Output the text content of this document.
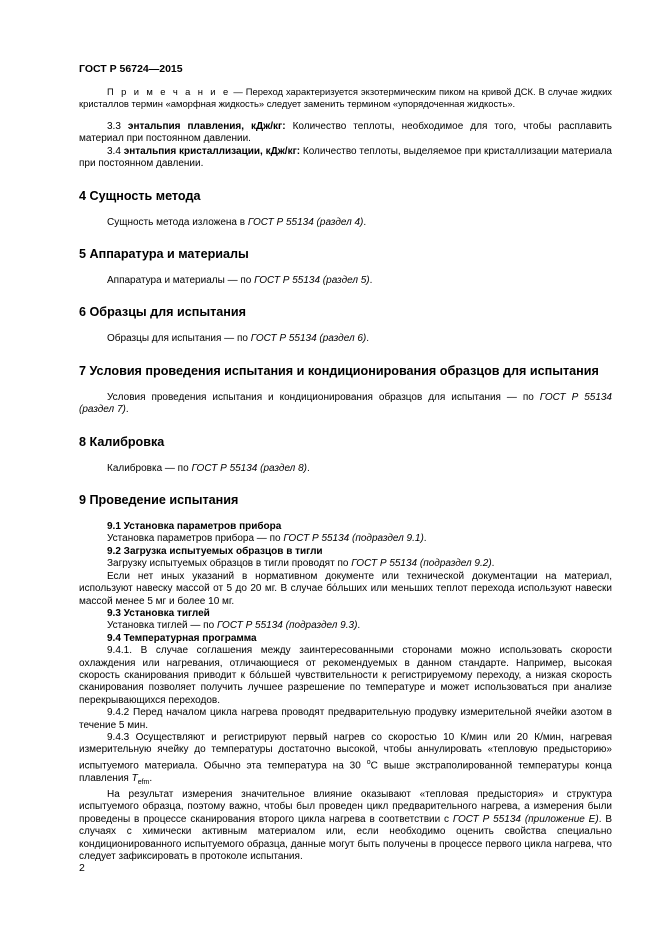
ГОСТ Р 56724—2015

П р и м е ч а н и е — Переход характеризуется экзотермическим пиком на кривой ДСК. В случае жидких кристаллов термин «аморфная жидкость» следует заменить термином «упорядоченная жидкость».

3.3 энтальпия плавления, кДж/кг: Количество теплоты, необходимое для того, чтобы расплавить материал при постоянном давлении.

3.4 энтальпия кристаллизации, кДж/кг: Количество теплоты, выделяемое при кристаллизации материала при постоянном давлении.

4 Сущность метода

Сущность метода изложена в ГОСТ Р 55134 (раздел 4).

5 Аппаратура и материалы

Аппаратура и материалы — по ГОСТ Р 55134 (раздел 5).

6 Образцы для испытания

Образцы для испытания — по ГОСТ Р 55134 (раздел 6).

7 Условия проведения испытания и кондиционирования образцов для испытания

Условия проведения испытания и кондиционирования образцов для испытания — по ГОСТ Р 55134 (раздел 7).

8 Калибровка

Калибровка — по ГОСТ Р 55134 (раздел 8).

9 Проведение испытания

9.1 Установка параметров прибора

Установка параметров прибора — по ГОСТ Р 55134 (подраздел 9.1).

9.2 Загрузка испытуемых образцов в тигли

Загрузку испытуемых образцов в тигли проводят по ГОСТ Р 55134 (подраздел 9.2).

Если нет иных указаний в нормативном документе или технической документации на материал, используют навеску массой от 5 до 20 мг. В случае бόльших или меньших теплот перехода используют навески массой менее 5 мг и более 10 мг.

9.3 Установка тиглей

Установка тиглей — по ГОСТ Р 55134 (подраздел 9.3).

9.4 Температурная программа

9.4.1. В случае соглашения между заинтересованными сторонами можно использовать скорости охлаждения или нагревания, отличающиеся от рекомендуемых в данном стандарте. Например, высокая скорость сканирования приводит к бóльшей чувствительности к регистрируемому переходу, а низкая скорость сканирования позволяет получить лучшее разрешение по температуре и может использоваться при анализе перекрывающихся переходов.

9.4.2 Перед началом цикла нагрева проводят предварительную продувку измерительной ячейки азотом в течение 5 мин.

9.4.3 Осуществляют и регистрируют первый нагрев со скоростью 10 К/мин или 20 К/мин, нагревая измерительную ячейку до температуры достаточно высокой, чтобы аннулировать «тепловую предысторию» испытуемого материала. Обычно эта температура на 30 $^o$С выше экстраполированной температуры конца плавления $T_{efm}$.

На результат измерения значительное влияние оказывают «тепловая предыстория» и структура испытуемого образца, поэтому важно, чтобы был проведен цикл предварительного нагрева, а измерения были проведены в процессе сканирования второго цикла нагрева в соответствии с ГОСТ Р 55134 (приложение Е). В случаях с химически активным материалом или, если необходимо оценить свойства специально кондиционированного испытуемого образца, данные могут быть получены в процессе первого цикла нагрева, что следует зафиксировать в протоколе испытания.

2
